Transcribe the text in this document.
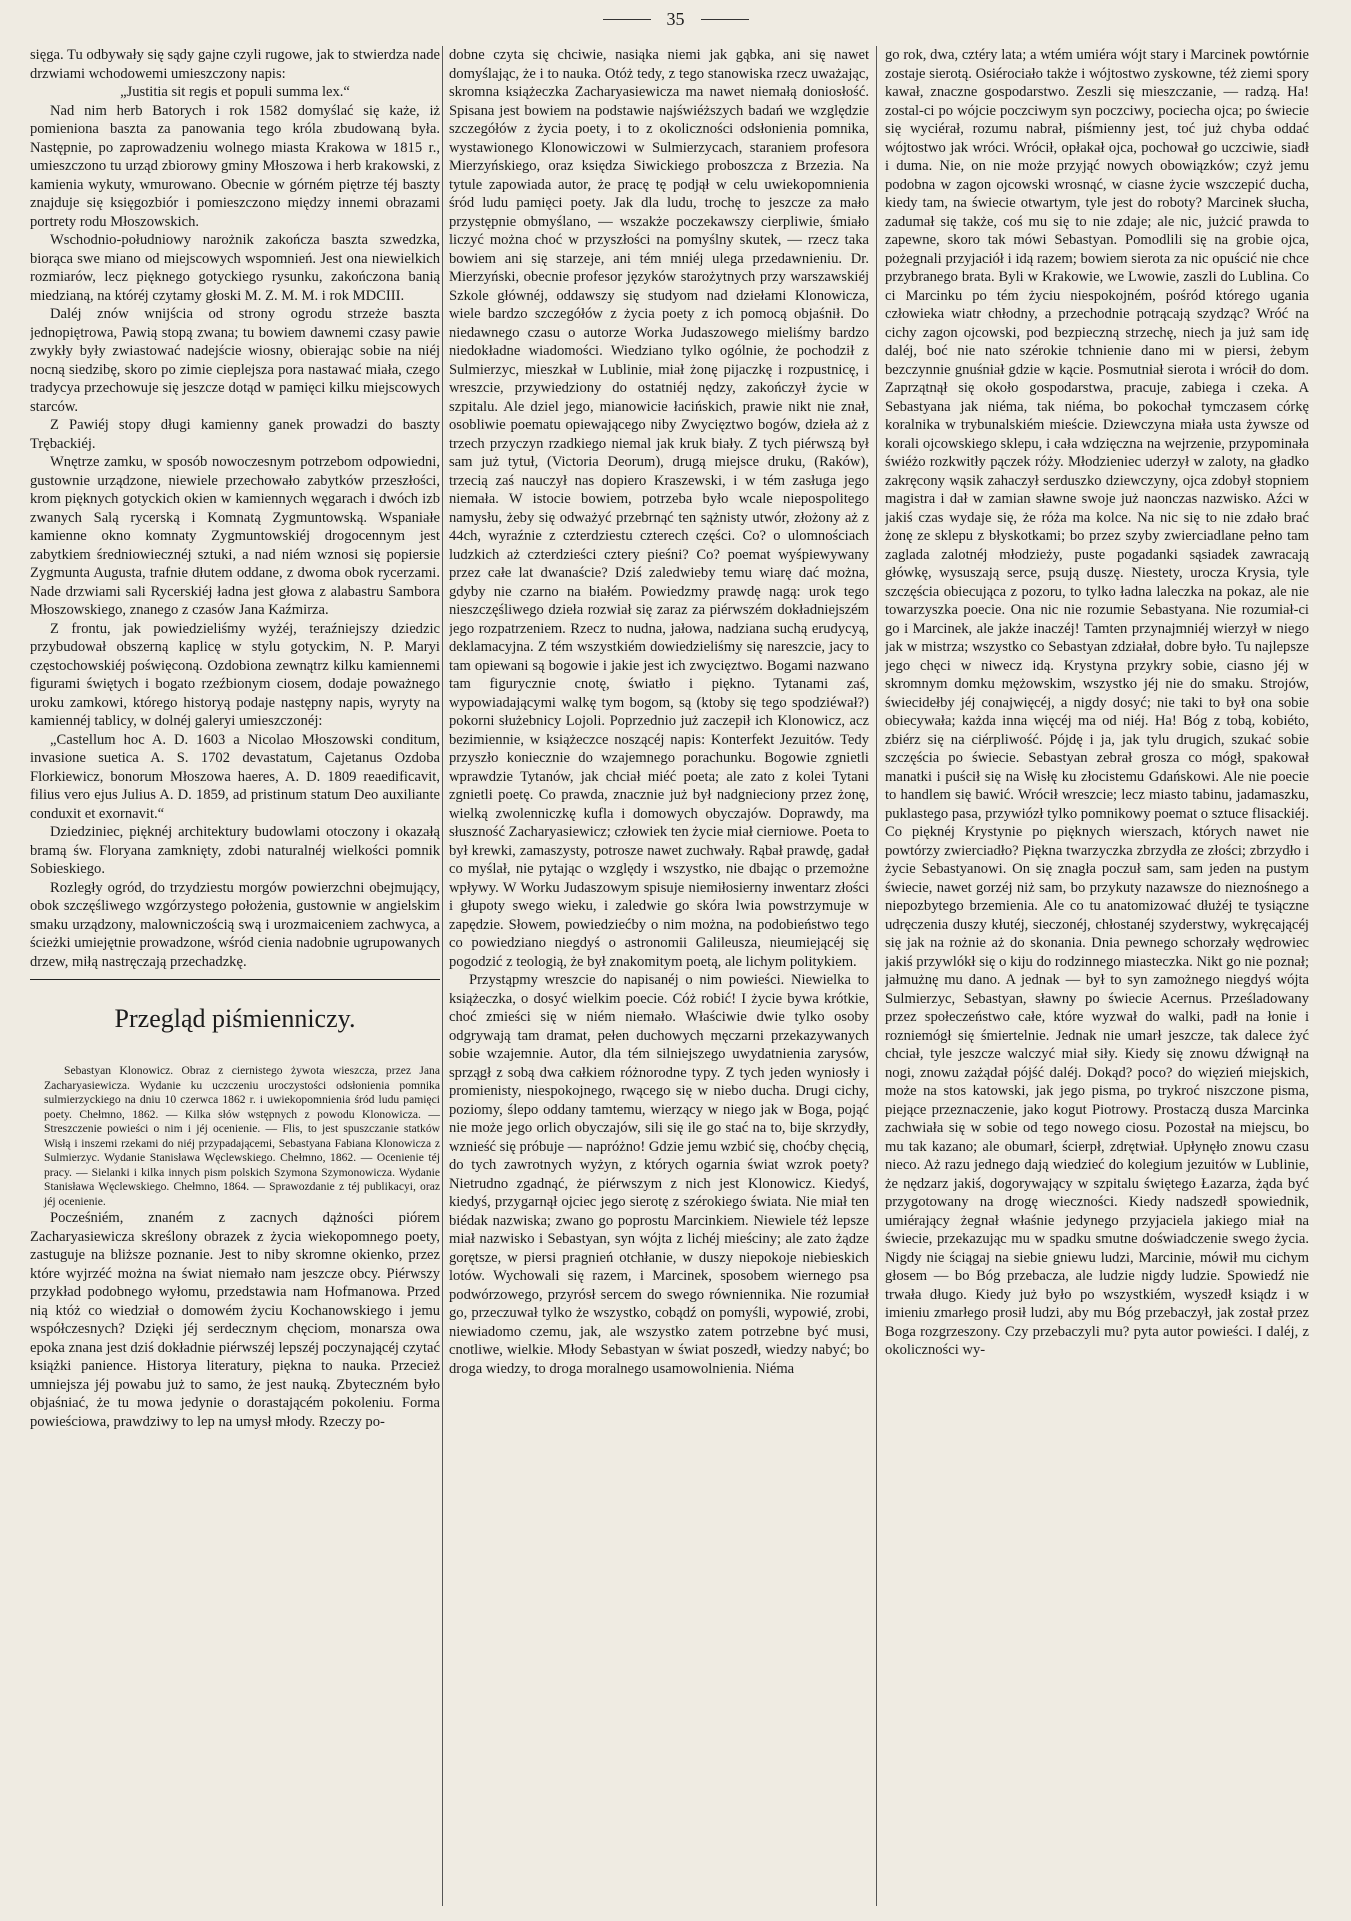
35

sięga. Tu odbywały się sądy gajne czyli rugowe, jak to stwierdza nade drzwiami wchodowemi umieszczony napis:

„Justitia sit regis et populi summa lex.“

Nad nim herb Batorych i rok 1582 domyślać się każe, iż pomieniona baszta za panowania tego króla zbudowaną była. Następnie, po zaprowadzeniu wolnego miasta Krakowa w 1815 r., umieszczono tu urząd zbiorowy gminy Młoszowa i herb krakowski, z kamienia wykuty, wmurowano. Obecnie w górném piętrze téj baszty znajduje się księgozbiór i pomieszczono między innemi obrazami portrety rodu Młoszowskich.

Wschodnio-południowy narożnik zakończa baszta szwedzka, biorąca swe miano od miejscowych wspomnień. Jest ona niewielkich rozmiarów, lecz pięknego gotyckiego rysunku, zakończona banią miedzianą, na któréj czytamy głoski M. Z. M. M. i rok MDCIII.

Daléj znów wnijścia od strony ogrodu strzeże baszta jednopiętrowa, Pawią stopą zwana; tu bowiem dawnemi czasy pawie zwykły były zwiastować nadejście wiosny, obierając sobie na niéj nocną siedzibę, skoro po zimie cieplejsza pora nastawać miała, czego tradycya przechowuje się jeszcze dotąd w pamięci kilku miejscowych starców.

Z Pawiéj stopy długi kamienny ganek prowadzi do baszty Trębackiéj.

Wnętrze zamku, w sposób nowoczesnym potrzebom odpowiedni, gustownie urządzone, niewiele przechowało zabytków przeszłości, krom pięknych gotyckich okien w kamiennych węgarach i dwóch izb zwanych Salą rycerską i Komnatą Zygmuntowską. Wspaniałe kamienne okno komnaty Zygmuntowskiéj drogocennym jest zabytkiem średniowiecznéj sztuki, a nad niém wznosi się popiersie Zygmunta Augusta, trafnie dłutem oddane, z dwoma obok rycerzami. Nade drzwiami sali Rycerskiéj ładna jest głowa z alabastru Sambora Młoszowskiego, znanego z czasów Jana Kaźmirza.

Z frontu, jak powiedzieliśmy wyżéj, teraźniejszy dziedzic przybudował obszerną kaplicę w stylu gotyckim, N. P. Maryi częstochowskiéj poświęconą. Ozdobiona zewnątrz kilku kamiennemi figurami świętych i bogato rzeźbionym ciosem, dodaje poważnego uroku zamkowi, którego historyą podaje następny napis, wyryty na kamiennéj tablicy, w dolnéj galeryi umieszczonéj:

„Castellum hoc A. D. 1603 a Nicolao Młoszowski conditum, invasione suetica A. S. 1702 devastatum, Cajetanus Ozdoba Florkiewicz, bonorum Młoszowa haeres, A. D. 1809 reaedificavit, filius vero ejus Julius A. D. 1859, ad pristinum statum Deo auxiliante conduxit et exornavit.“

Dziedziniec, pięknéj architektury budowlami otoczony i okazałą bramą św. Floryana zamknięty, zdobi naturalnéj wielkości pomnik Sobieskiego.

Rozległy ogród, do trzydziestu morgów powierzchni obejmujący, obok szczęśliwego wzgórzystego położenia, gustownie w angielskim smaku urządzony, malowniczością swą i urozmaiceniem zachwyca, a ścieżki umiejętnie prowadzone, wśród cienia nadobnie ugrupowanych drzew, miłą nastręczają przechadzkę.

Przegląd piśmienniczy.

Sebastyan Klonowicz. Obraz z ciernistego żywota wieszcza, przez Jana Zacharyasiewicza. Wydanie ku uczczeniu uroczystości odsłonienia pomnika sulmierzyckiego na dniu 10 czerwca 1862 r. i uwiekopomnienia śród ludu pamięci poety. Chełmno, 1862. — Kilka słów wstępnych z powodu Klonowicza. — Streszczenie powieści o nim i jéj ocenienie. — Flis, to jest spuszczanie statków Wisłą i inszemi rzekami do niéj przypadającemi, Sebastyana Fabiana Klonowicza z Sulmierzyc. Wydanie Stanisława Węclewskiego. Chełmno, 1862. — Ocenienie téj pracy. — Sielanki i kilka innych pism polskich Szymona Szymonowicza. Wydanie Stanisława Węclewskiego. Chełmno, 1864. — Sprawozdanie z téj publikacyi, oraz jéj ocenienie.

Pocześniém, znaném z zacnych dążności piórem Zacharyasiewicza skreślony obrazek z życia wiekopomnego poety, zastuguje na bliższe poznanie. Jest to niby skromne okienko, przez które wyjrzéć można na świat niemało nam jeszcze obcy. Piérwszy przykład podobnego wyłomu, przedstawia nam Hofmanowa. Przed nią któż co wiedział o domowém życiu Kochanowskiego i jemu współczesnych? Dzięki jéj serdecznym chęciom, monarsza owa epoka znana jest dziś dokładnie piérwszéj lepszéj poczynającéj czytać książki panience. Historya literatury, piękna to nauka. Przecież umniejsza jéj powabu już to samo, że jest nauką. Zbyteczném było objaśniać, że tu mowa jedynie o dorastającém pokoleniu. Forma powieściowa, prawdziwy to lep na umysł młody. Rzeczy po-

dobne czyta się chciwie, nasiąka niemi jak gąbka, ani się nawet domyślając, że i to nauka. Otóż tedy, z tego stanowiska rzecz uważając, skromna książeczka Zacharyasiewicza ma nawet niemałą doniosłość. Spisana jest bowiem na podstawie najświéższych badań we względzie szczegółów z życia poety, i to z okoliczności odsłonienia pomnika, wystawionego Klonowiczowi w Sulmierzycach, staraniem profesora Mierzyńskiego, oraz księdza Siwickiego proboszcza z Brzezia. Na tytule zapowiada autor, że pracę tę podjął w celu uwiekopomnienia śród ludu pamięci poety. Jak dla ludu, trochę to jeszcze za mało przystępnie obmyślano, — wszakże poczekawszy cierpliwie, śmiało liczyć można choć w przyszłości na pomyślny skutek, — rzecz taka bowiem ani się starzeje, ani tém mniéj ulega przedawnieniu. Dr. Mierzyński, obecnie profesor języków starożytnych przy warszawskiéj Szkole głównéj, oddawszy się studyom nad dziełami Klonowicza, wiele bardzo szczegółów z życia poety z ich pomocą objaśnił. Do niedawnego czasu o autorze Worka Judaszowego mieliśmy bardzo niedokładne wiadomości. Wiedziano tylko ogólnie, że pochodził z Sulmierzyc, mieszkał w Lublinie, miał żonę pijaczkę i rozpustnicę, i wreszcie, przywiedziony do ostatniéj nędzy, zakończył życie w szpitalu. Ale dziel jego, mianowicie łacińskich, prawie nikt nie znał, osobliwie poematu opiewającego niby Zwycięztwo bogów, dzieła aż z trzech przyczyn rzadkiego niemal jak kruk biały. Z tych piérwszą był sam już tytuł, (Victoria Deorum), drugą miejsce druku, (Raków), trzecią zaś nauczył nas dopiero Kraszewski, i w tém zasługa jego niemała. W istocie bowiem, potrzeba było wcale niepospolitego namysłu, żeby się odważyć przebrnąć ten sążnisty utwór, złożony aż z 44ch, wyraźnie z czterdziestu czterech części. Co? o ulomnościach ludzkich aż czterdzieści cztery pieśni? Co? poemat wyśpiewywany przez całe lat dwanaście? Dziś zaledwieby temu wiarę dać można, gdyby nie czarno na białém. Powiedzmy prawdę nagą: urok tego nieszczęśliwego dzieła rozwiał się zaraz za piérwszém dokładniejszém jego rozpatrzeniem. Rzecz to nudna, jałowa, nadziana suchą erudycyą, deklamacyjna. Z tém wszystkiém dowiedzieliśmy się nareszcie, jacy to tam opiewani są bogowie i jakie jest ich zwycięztwo. Bogami nazwano tam figurycznie cnotę, światło i piękno. Tytanami zaś, wypowiadającymi walkę tym bogom, są (ktoby się tego spodziéwał?) pokorni służebnicy Lojoli. Poprzednio już zaczepił ich Klonowicz, acz bezimiennie, w książeczce noszącéj napis: Konterfekt Jezuitów. Tedy przyszło koniecznie do wzajemnego porachunku. Bogowie zgnietli wprawdzie Tytanów, jak chciał miéć poeta; ale zato z kolei Tytani zgnietli poetę. Co prawda, znacznie już był nadgnieciony przez żonę, wielką zwolenniczkę kufla i domowych obyczajów. Doprawdy, ma słuszność Zacharyasiewicz; człowiek ten życie miał cierniowe. Poeta to był krewki, zamaszysty, potrosze nawet zuchwały. Rąbał prawdę, gadał co myślał, nie pytając o względy i wszystko, nie dbając o przemożne wpływy. W Worku Judaszowym spisuje niemiłosierny inwentarz złości i głupoty swego wieku, i zaledwie go skóra lwia powstrzymuje w zapędzie. Słowem, powiedziećby o nim można, na podobieństwo tego co powiedziano niegdyś o astronomii Galileusza, nieumiejącéj się pogodzić z teologią, że był znakomitym poetą, ale lichym politykiem.

Przystąpmy wreszcie do napisanéj o nim powieści. Niewielka to książeczka, o dosyć wielkim poecie. Cóż robić! I życie bywa krótkie, choć zmieści się w niém niemało. Właściwie dwie tylko osoby odgrywają tam dramat, pełen duchowych męczarni przekazywanych sobie wzajemnie. Autor, dla tém silniejszego uwydatnienia zarysów, sprzągł z sobą dwa całkiem różnorodne typy. Z tych jeden wyniosły i promienisty, niespokojnego, rwącego się w niebo ducha. Drugi cichy, poziomy, ślepo oddany tamtemu, wierzący w niego jak w Boga, pojąć nie może jego orlich obyczajów, sili się ile go stać na to, bije skrzydły, wznieść się próbuje — napróżno! Gdzie jemu wzbić się, choćby chęcią, do tych zawrotnych wyżyn, z których ogarnia świat wzrok poety? Nietrudno zgadnąć, że piérwszym z nich jest Klonowicz. Kiedyś, kiedyś, przygarnął ojciec jego sierotę z szérokiego świata. Nie miał ten biédak nazwiska; zwano go poprostu Marcinkiem. Niewiele téż lepsze miał nazwisko i Sebastyan, syn wójta z lichéj mieściny; ale zato żądze gorętsze, w piersi pragnień otchłanie, w duszy niepokoje niebieskich lotów. Wychowali się razem, i Marcinek, sposobem wiernego psa podwórzowego, przyrósł sercem do swego równiennika. Nie rozumiał go, przeczuwał tylko że wszystko, cobądź on pomyśli, wypowié, zrobi, niewiadomo czemu, jak, ale wszystko zatem potrzebne być musi, cnotliwe, wielkie. Młody Sebastyan w świat poszedł, wiedzy nabyć; bo droga wiedzy, to droga moralnego usamowolnienia. Niéma

go rok, dwa, cztéry lata; a wtém umiéra wójt stary i Marcinek powtórnie zostaje sierotą. Osiérociało także i wójtostwo zyskowne, téż ziemi spory kawał, znaczne gospodarstwo. Zeszli się mieszczanie, — radzą. Ha! zostal-ci po wójcie poczciwym syn poczciwy, pociecha ojca; po świecie się wyciérał, rozumu nabrał, piśmienny jest, toć już chyba oddać wójtostwo jak wróci. Wrócił, opłakał ojca, pochował go uczciwie, siadł i duma. Nie, on nie może przyjąć nowych obowiązków; czyż jemu podobna w zagon ojcowski wrosnąć, w ciasne życie wszczepić ducha, kiedy tam, na świecie otwartym, tyle jest do roboty? Marcinek słucha, zadumał się także, coś mu się to nie zdaje; ale nic, jużcić prawda to zapewne, skoro tak mówi Sebastyan. Pomodlili się na grobie ojca, pożegnali przyjaciół i idą razem; bowiem sierota za nic opuścić nie chce przybranego brata. Byli w Krakowie, we Lwowie, zaszli do Lublina. Co ci Marcinku po tém życiu niespokojném, pośród którego ugania człowieka wiatr chłodny, a przechodnie potrącają szydząc? Wróć na cichy zagon ojcowski, pod bezpieczną strzechę, niech ja już sam idę daléj, boć nie nato szérokie tchnienie dano mi w piersi, żebym bezczynnie gnuśniał gdzie w kącie. Posmutniał sierota i wrócił do dom. Zaprzątnął się około gospodarstwa, pracuje, zabiega i czeka. A Sebastyana jak niéma, tak niéma, bo pokochał tymczasem córkę koralnika w trybunalskiém mieście. Dziewczyna miała usta żywsze od korali ojcowskiego sklepu, i cała wdzięczna na wejrzenie, przypominała świéżo rozkwitły pączek róży. Młodzieniec uderzył w zaloty, na gładko zakręcony wąsik zahaczył serduszko dziewczyny, ojca zdobył stopniem magistra i dał w zamian sławne swoje już naonczas nazwisko. Aźci w jakiś czas wydaje się, że róża ma kolce. Na nic się to nie zdało brać żonę ze sklepu z błyskotkami; bo przez szyby zwierciadlane pełno tam zaglada zalotnéj młodzieży, puste pogadanki sąsiadek zawracają główkę, wysuszają serce, psują duszę. Niestety, urocza Krysia, tyle szczęścia obiecująca z pozoru, to tylko ładna laleczka na pokaz, ale nie towarzyszka poecie. Ona nic nie rozumie Sebastyana. Nie rozumiał-ci go i Marcinek, ale jakże inaczéj! Tamten przynajmniéj wierzył w niego jak w mistrza; wszystko co Sebastyan zdziałał, dobre było. Tu najlepsze jego chęci w niwecz idą. Krystyna przykry sobie, ciasno jéj w skromnym domku mężowskim, wszystko jéj nie do smaku. Strojów, świecidełby jéj conajwięcéj, a nigdy dosyć; nie taki to był ona sobie obiecywała; każda inna więcéj ma od niéj. Ha! Bóg z tobą, kobiéto, zbiérz się na ciérpliwość. Pójdę i ja, jak tylu drugich, szukać sobie szczęścia po świecie. Sebastyan zebrał grosza co mógł, spakował manatki i puścił się na Wisłę ku złocistemu Gdańskowi. Ale nie poecie to handlem się bawić. Wrócił wreszcie; lecz miasto tabinu, jadamaszku, puklastego pasa, przywiózł tylko pomnikowy poemat o sztuce flisackiéj. Co pięknéj Krystynie po pięknych wierszach, których nawet nie powtórzy zwierciadło? Piękna twarzyczka zbrzydła ze złości; zbrzydło i życie Sebastyanowi. On się znagła poczuł sam, sam jeden na pustym świecie, nawet gorzéj niż sam, bo przykuty nazawsze do nieznośnego a niepozbytego brzemienia. Ale co tu anatomizować dłużéj te tysiączne udręczenia duszy kłutéj, sieczonéj, chłostanéj szyderstwy, wykręcającéj się jak na rożnie aż do skonania. Dnia pewnego schorzały wędrowiec jakiś przywlókł się o kiju do rodzinnego miasteczka. Nikt go nie poznał; jałmużnę mu dano. A jednak — był to syn zamożnego niegdyś wójta Sulmierzyc, Sebastyan, sławny po świecie Acernus. Prześladowany przez społeczeństwo całe, które wyzwał do walki, padł na łonie i rozniemógł się śmiertelnie. Jednak nie umarł jeszcze, tak dalece żyć chciał, tyle jeszcze walczyć miał siły. Kiedy się znowu dźwignął na nogi, znowu zażądał pójść daléj. Dokąd? poco? do więzień miejskich, może na stos katowski, jak jego pisma, po trykroć niszczone pisma, piejące przeznaczenie, jako kogut Piotrowy. Prostaczą dusza Marcinka zachwiała się w sobie od tego nowego ciosu. Pozostał na miejscu, bo mu tak kazano; ale obumarł, ścierpł, zdrętwiał. Upłynęło znowu czasu nieco. Aż razu jednego dają wiedzieć do kolegium jezuitów w Lublinie, że nędzarz jakiś, dogorywający w szpitalu świętego Łazarza, żąda być przygotowany na drogę wieczności. Kiedy nadszedł spowiednik, umiérający żegnał właśnie jedynego przyjaciela jakiego miał na świecie, przekazując mu w spadku smutne doświadczenie swego życia. Nigdy nie ściągaj na siebie gniewu ludzi, Marcinie, mówił mu cichym głosem — bo Bóg przebacza, ale ludzie nigdy ludzie. Spowiedź nie trwała długo. Kiedy już było po wszystkiém, wyszedł ksiądz i w imieniu zmarłego prosił ludzi, aby mu Bóg przebaczył, jak został przez Boga rozgrzeszony. Czy przebaczyli mu? pyta autor powieści. I daléj, z okoliczności wy-
